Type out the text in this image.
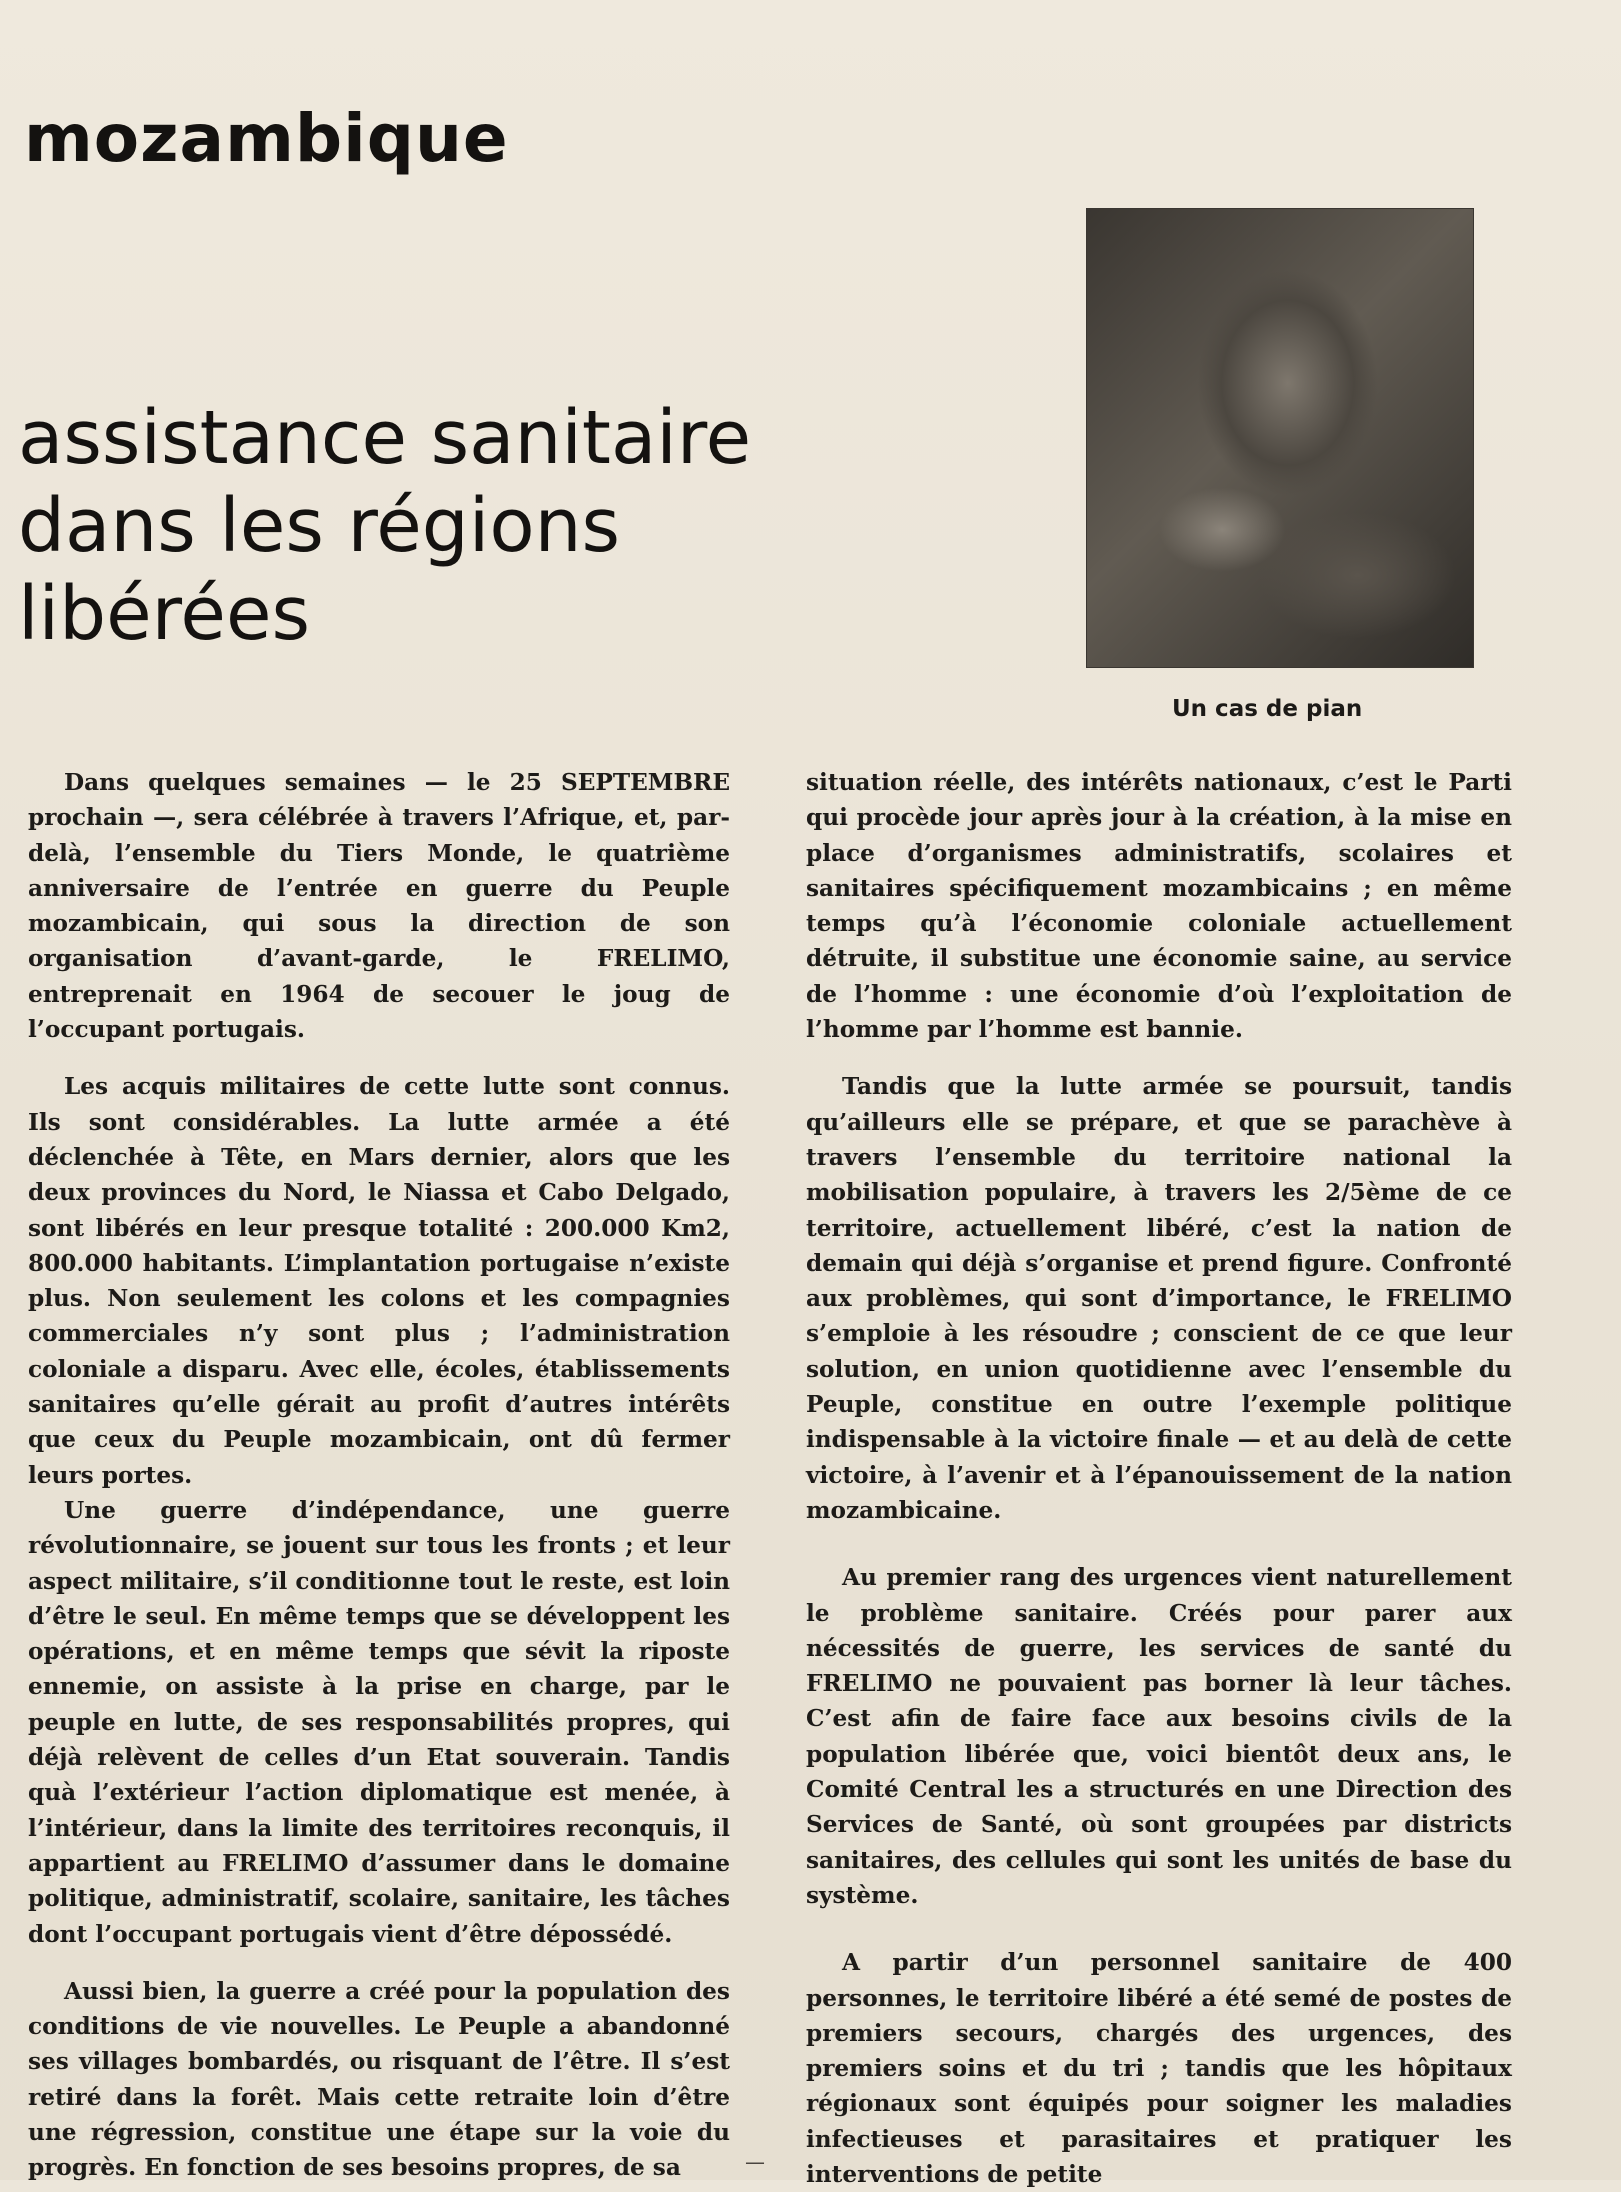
mozambique
assistance sanitaire
dans les régions
libérées

Un cas de pian

Dans quelques semaines — le 25 SEPTEMBRE prochain —, sera célébrée à travers l’Afrique, et, par-delà, l’ensemble du Tiers Monde, le quatrième anniversaire de l’entrée en guerre du Peuple mozambicain, qui sous la direction de son organisation d’avant-garde, le FRELIMO, entreprenait en 1964 de secouer le joug de l’occupant portugais.

Les acquis militaires de cette lutte sont connus. Ils sont considérables. La lutte armée a été déclenchée à Tête, en Mars dernier, alors que les deux provinces du Nord, le Niassa et Cabo Delgado, sont libérés en leur presque totalité : 200.000 Km2, 800.000 habitants. L’implantation portugaise n’existe plus. Non seulement les colons et les compagnies commerciales n’y sont plus ; l’administration coloniale a disparu. Avec elle, écoles, établissements sanitaires qu’elle gérait au profit d’autres intérêts que ceux du Peuple mozambicain, ont dû fermer leurs portes.

Une guerre d’indépendance, une guerre révolutionnaire, se jouent sur tous les fronts ; et leur aspect militaire, s’il conditionne tout le reste, est loin d’être le seul. En même temps que se développent les opérations, et en même temps que sévit la riposte ennemie, on assiste à la prise en charge, par le peuple en lutte, de ses responsabilités propres, qui déjà relèvent de celles d’un Etat souverain. Tandis quà l’extérieur l’action diplomatique est menée, à l’intérieur, dans la limite des territoires reconquis, il appartient au FRELIMO d’assumer dans le domaine politique, administratif, scolaire, sanitaire, les tâches dont l’occupant portugais vient d’être dépossédé.

Aussi bien, la guerre a créé pour la population des conditions de vie nouvelles. Le Peuple a abandonné ses villages bombardés, ou risquant de l’être. Il s’est retiré dans la forêt. Mais cette retraite loin d’être une régression, constitue une étape sur la voie du progrès. En fonction de ses besoins propres, de sa

situation réelle, des intérêts nationaux, c’est le Parti qui procède jour après jour à la création, à la mise en place d’organismes administratifs, scolaires et sanitaires spécifiquement mozambicains ; en même temps qu’à l’économie coloniale actuellement détruite, il substitue une économie saine, au service de l’homme : une économie d’où l’exploitation de l’homme par l’homme est bannie.

Tandis que la lutte armée se poursuit, tandis qu’ailleurs elle se prépare, et que se parachève à travers l’ensemble du territoire national la mobilisation populaire, à travers les 2/5ème de ce territoire, actuellement libéré, c’est la nation de demain qui déjà s’organise et prend figure. Confronté aux problèmes, qui sont d’importance, le FRELIMO s’emploie à les résoudre ; conscient de ce que leur solution, en union quotidienne avec l’ensemble du Peuple, constitue en outre l’exemple politique indispensable à la victoire finale — et au delà de cette victoire, à l’avenir et à l’épanouissement de la nation mozambicaine.

Au premier rang des urgences vient naturellement le problème sanitaire. Créés pour parer aux nécessités de guerre, les services de santé du FRELIMO ne pouvaient pas borner là leur tâches. C’est afin de faire face aux besoins civils de la population libérée que, voici bientôt deux ans, le Comité Central les a structurés en une Direction des Services de Santé, où sont groupées par districts sanitaires, des cellules qui sont les unités de base du système.

A partir d’un personnel sanitaire de 400 personnes, le territoire libéré a été semé de postes de premiers secours, chargés des urgences, des premiers soins et du tri ; tandis que les hôpitaux régionaux sont équipés pour soigner les maladies infectieuses et parasitaires et pratiquer les interventions de petite

—
